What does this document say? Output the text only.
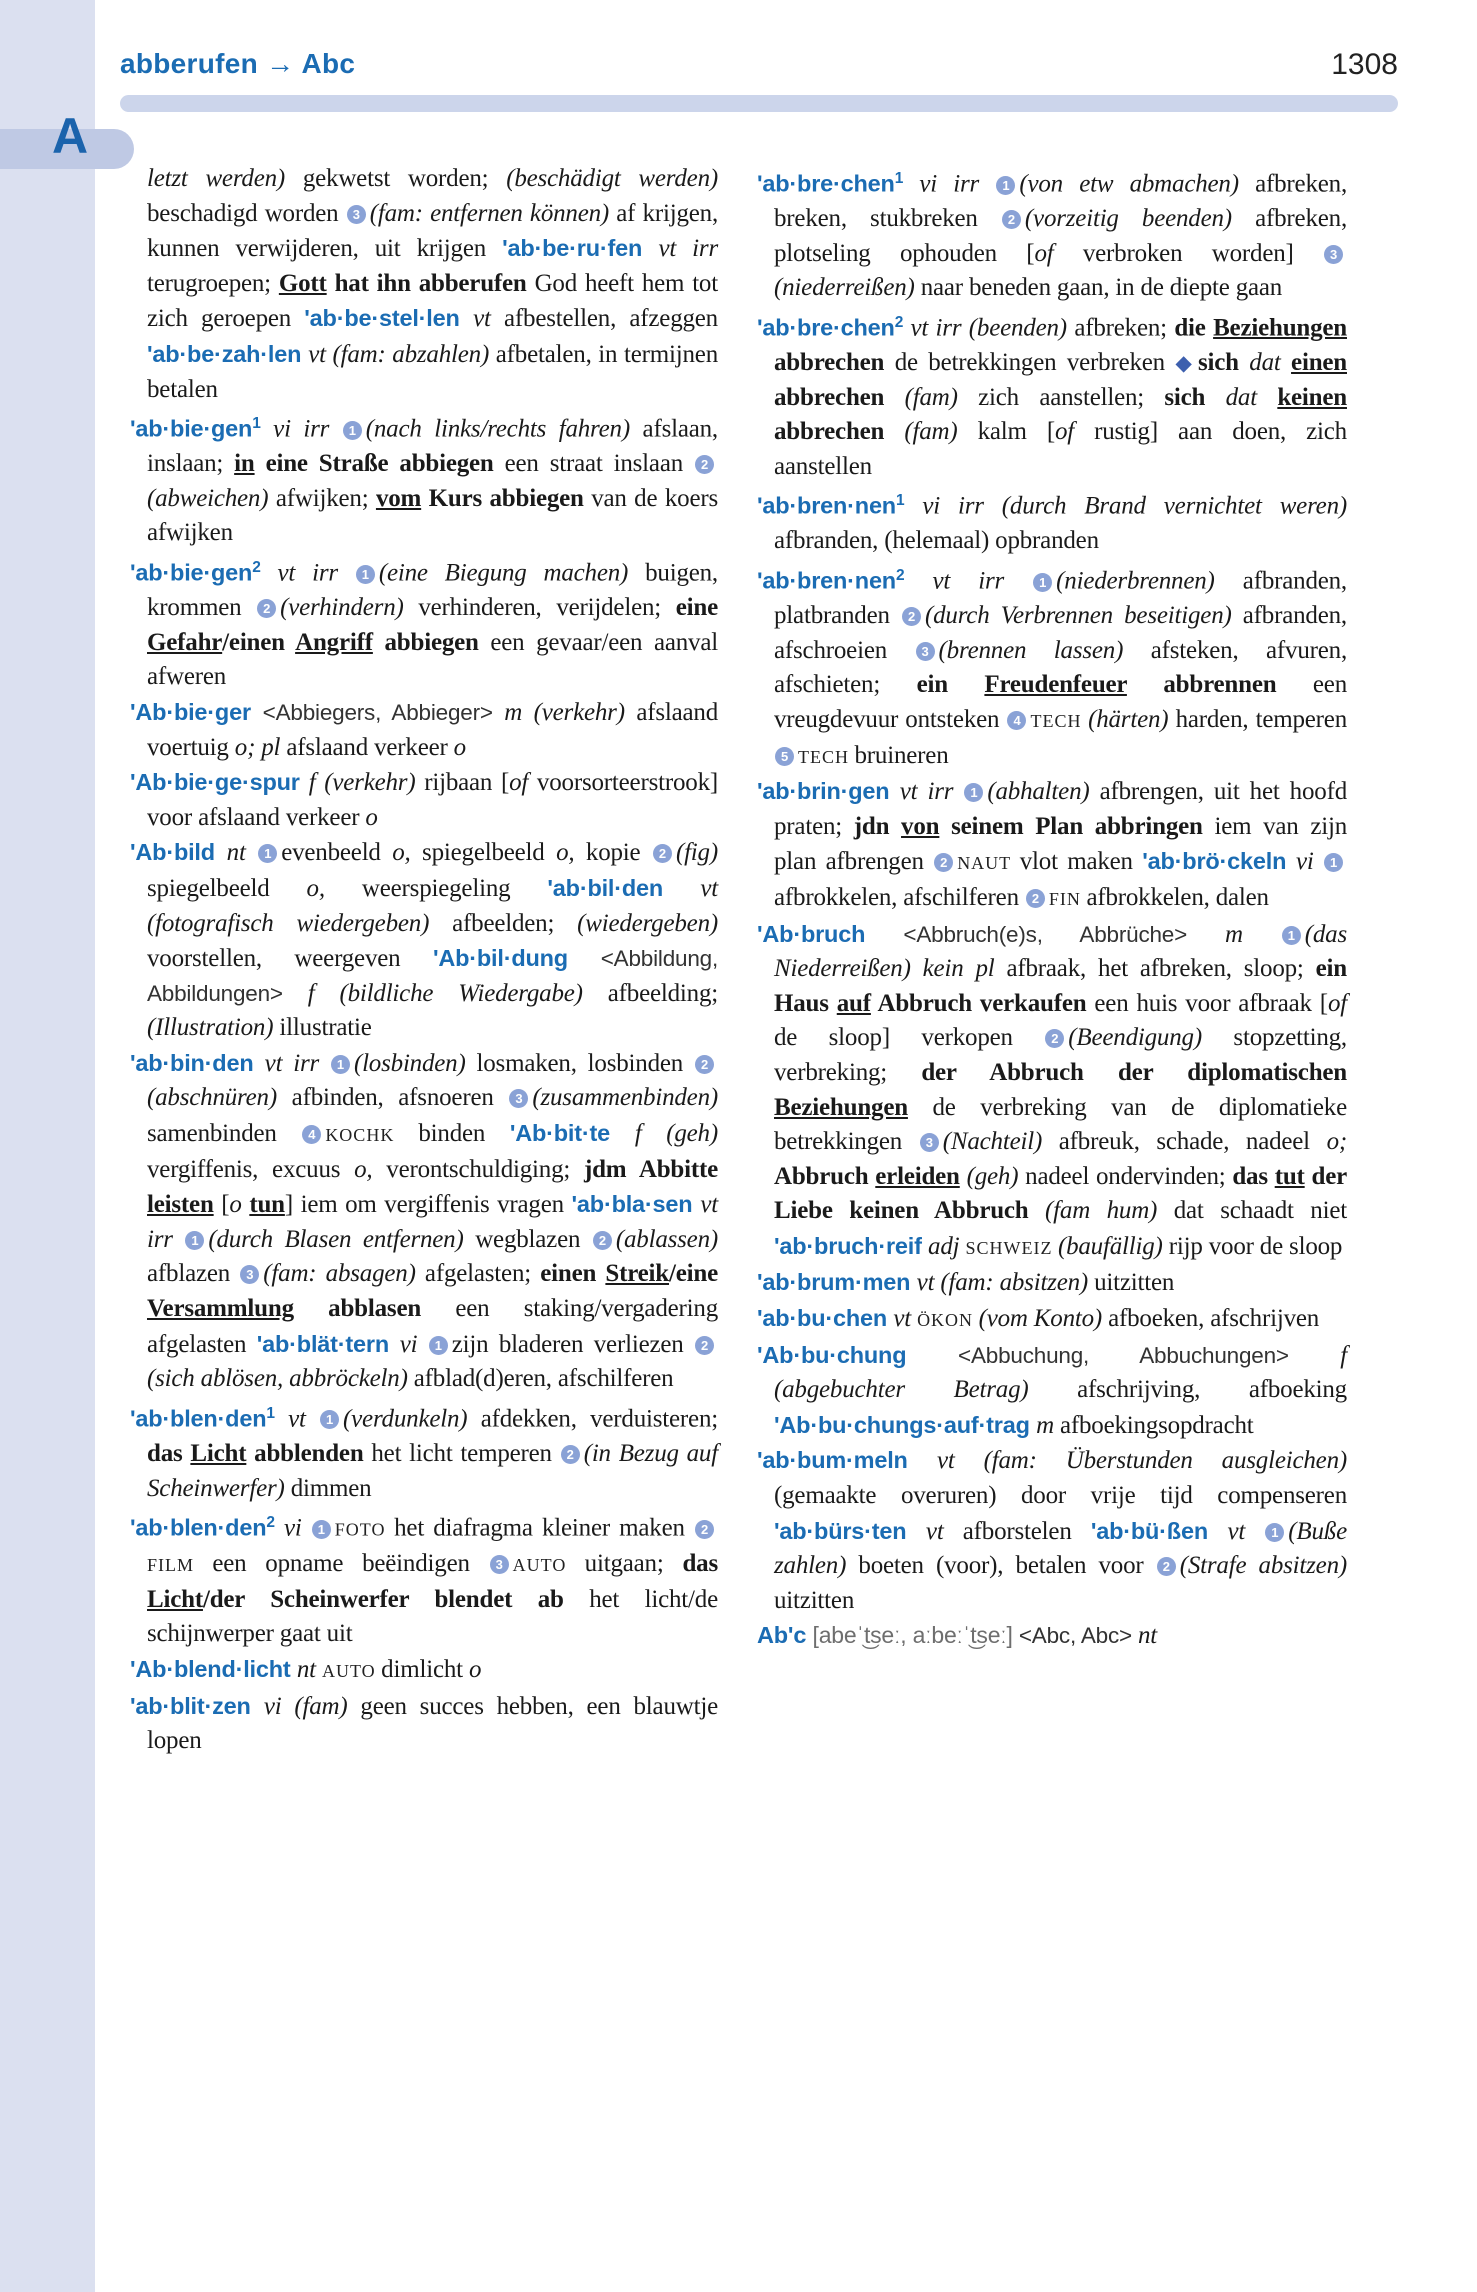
A
abberufen → Abc	1308

letzt werden) gekwetst worden; (beschädigt werden) beschadigd worden 3 (fam: entfernen können) af krijgen, kunnen verwijderen, uit krijgen 'ab·be·ru·fen vt irr terugroepen; Gott hat ihn abberufen God heeft hem tot zich geroepen 'ab·be·stel·len vt afbestellen, afzeggen 'ab·be·zah·len vt (fam: abzahlen) afbetalen, in termijnen betalen

'ab·bie·gen$^1$ vi irr 1 (nach links/rechts fahren) afslaan, inslaan; in eine Straße abbiegen een straat inslaan 2(abweichen) afwijken; vom Kurs abbiegen van de koers afwijken

'ab·bie·gen$^2$ vt irr 1 (eine Biegung machen) buigen, krommen 2 (verhindern) verhinderen, verijdelen; eine Gefahr/einen Angriff abbiegen een gevaar/een aanval afweren

'Ab·bie·ger <Abbiegers, Abbieger> m (verkehr) afslaand voertuig o; pl afslaand verkeer o

'Ab·bie·ge·spur f (verkehr) rijbaan [of voorsorteerstrook] voor afslaand verkeer o

'Ab·bild nt 1 evenbeeld o, spiegelbeeld o, kopie 2 (fig) spiegelbeeld o, weerspiegeling 'ab·bil·den vt (fotografisch wiedergeben) afbeelden; (wiedergeben) voorstellen, weergeven 'Ab·bil·dung <Abbildung, Abbildungen> f (bildliche Wiedergabe) afbeelding; (Illustration) illustratie

'ab·bin·den vt irr 1 (losbinden) losmaken, losbinden 2(abschnüren) afbinden, afsnoeren 3 (zusammenbinden) samenbinden 4 KOCHK binden 'Ab·bit·te f (geh) vergiffenis, excuus o, verontschuldiging; jdm Abbitte leisten [o tun] iem om vergiffenis vragen 'ab·bla·sen vt irr 1 (durch Blasen entfernen) wegblazen 2 (ablassen) afblazen 3 (fam: absagen) afgelasten; einen Streik/eine Versammlung abblasen een staking/vergadering afgelasten 'ab·blät·tern vi 1 zijn bladeren verliezen 2(sich ablösen, abbröckeln) afblad(d)eren, afschilferen

'ab·blen·den$^1$ vt 1 (verdunkeln) afdekken, verduisteren; das Licht abblenden het licht temperen 2 (in Bezug auf Scheinwerfer) dimmen

'ab·blen·den$^2$ vi 1 FOTO het diafragma kleiner maken 2FILM een opname beëindigen 3 AUTO uitgaan; das Licht/der Scheinwerfer blendet ab het licht/de schijnwerper gaat uit

'Ab·blend·licht nt AUTO dimlicht o

'ab·blit·zen vi (fam) geen succes hebben, een blauwtje lopen

'ab·bre·chen$^1$ vi irr 1 (von etw abmachen) afbreken, breken, stukbreken 2 (vorzeitig beenden) afbreken, plotseling ophouden [of verbroken worden] 3(niederreißen) naar beneden gaan, in de diepte gaan

'ab·bre·chen$^2$ vt irr (beenden) afbreken; die Beziehungen abbrechen de betrekkingen verbreken ◆sich dat einen abbrechen (fam) zich aanstellen; sich dat keinen abbrechen (fam) kalm [of rustig] aan doen, zich aanstellen

'ab·bren·nen$^1$ vi irr (durch Brand vernichtet weren) afbranden, (helemaal) opbranden

'ab·bren·nen$^2$ vt irr 1 (niederbrennen) afbranden, platbranden 2 (durch Verbrennen beseitigen) afbranden, afschroeien 3 (brennen lassen) afsteken, afvuren, afschieten; ein Freudenfeuer abbrennen een vreugdevuur ontsteken 4 TECH (härten) harden, temperen 5 TECH bruineren

'ab·brin·gen vt irr 1 (abhalten) afbrengen, uit het hoofd praten; jdn von seinem Plan abbringen iem van zijn plan afbrengen 2 NAUT vlot maken 'ab·brö·ckeln vi 1afbrokkelen, afschilferen 2 FIN afbrokkelen, dalen

'Ab·bruch <Abbruch(e)s, Abbrüche> m 1 (das Niederreißen) kein pl afbraak, het afbreken, sloop; ein Haus auf Abbruch verkaufen een huis voor afbraak [of de sloop] verkopen 2 (Beendigung) stopzetting, verbreking; der Abbruch der diplomatischen Beziehungen de verbreking van de diplomatieke betrekkingen 3 (Nachteil) afbreuk, schade, nadeel o; Abbruch erleiden (geh) nadeel ondervinden; das tut der Liebe keinen Abbruch (fam hum) dat schaadt niet 'ab·bruch·reif adj SCHWEIZ (baufällig) rijp voor de sloop

'ab·brum·men vt (fam: absitzen) uitzitten

'ab·bu·chen vt ÖKON (vom Konto) afboeken, afschrijven

'Ab·bu·chung <Abbuchung, Abbuchungen> f (abgebuchter Betrag) afschrijving, afboeking 'Ab·bu·chungs·auf·trag m afboekingsopdracht

'ab·bum·meln vt (fam: Überstunden ausgleichen) (gemaakte overuren) door vrije tijd compenseren 'ab·bürs·ten vt afborstelen 'ab·bü·ßen vt 1 (Buße zahlen) boeten (voor), betalen voor 2 (Strafe absitzen) uitzitten

Ab'c [abeˈt͜seː, aːbeːˈt͜seː] <Abc, Abc> nt
